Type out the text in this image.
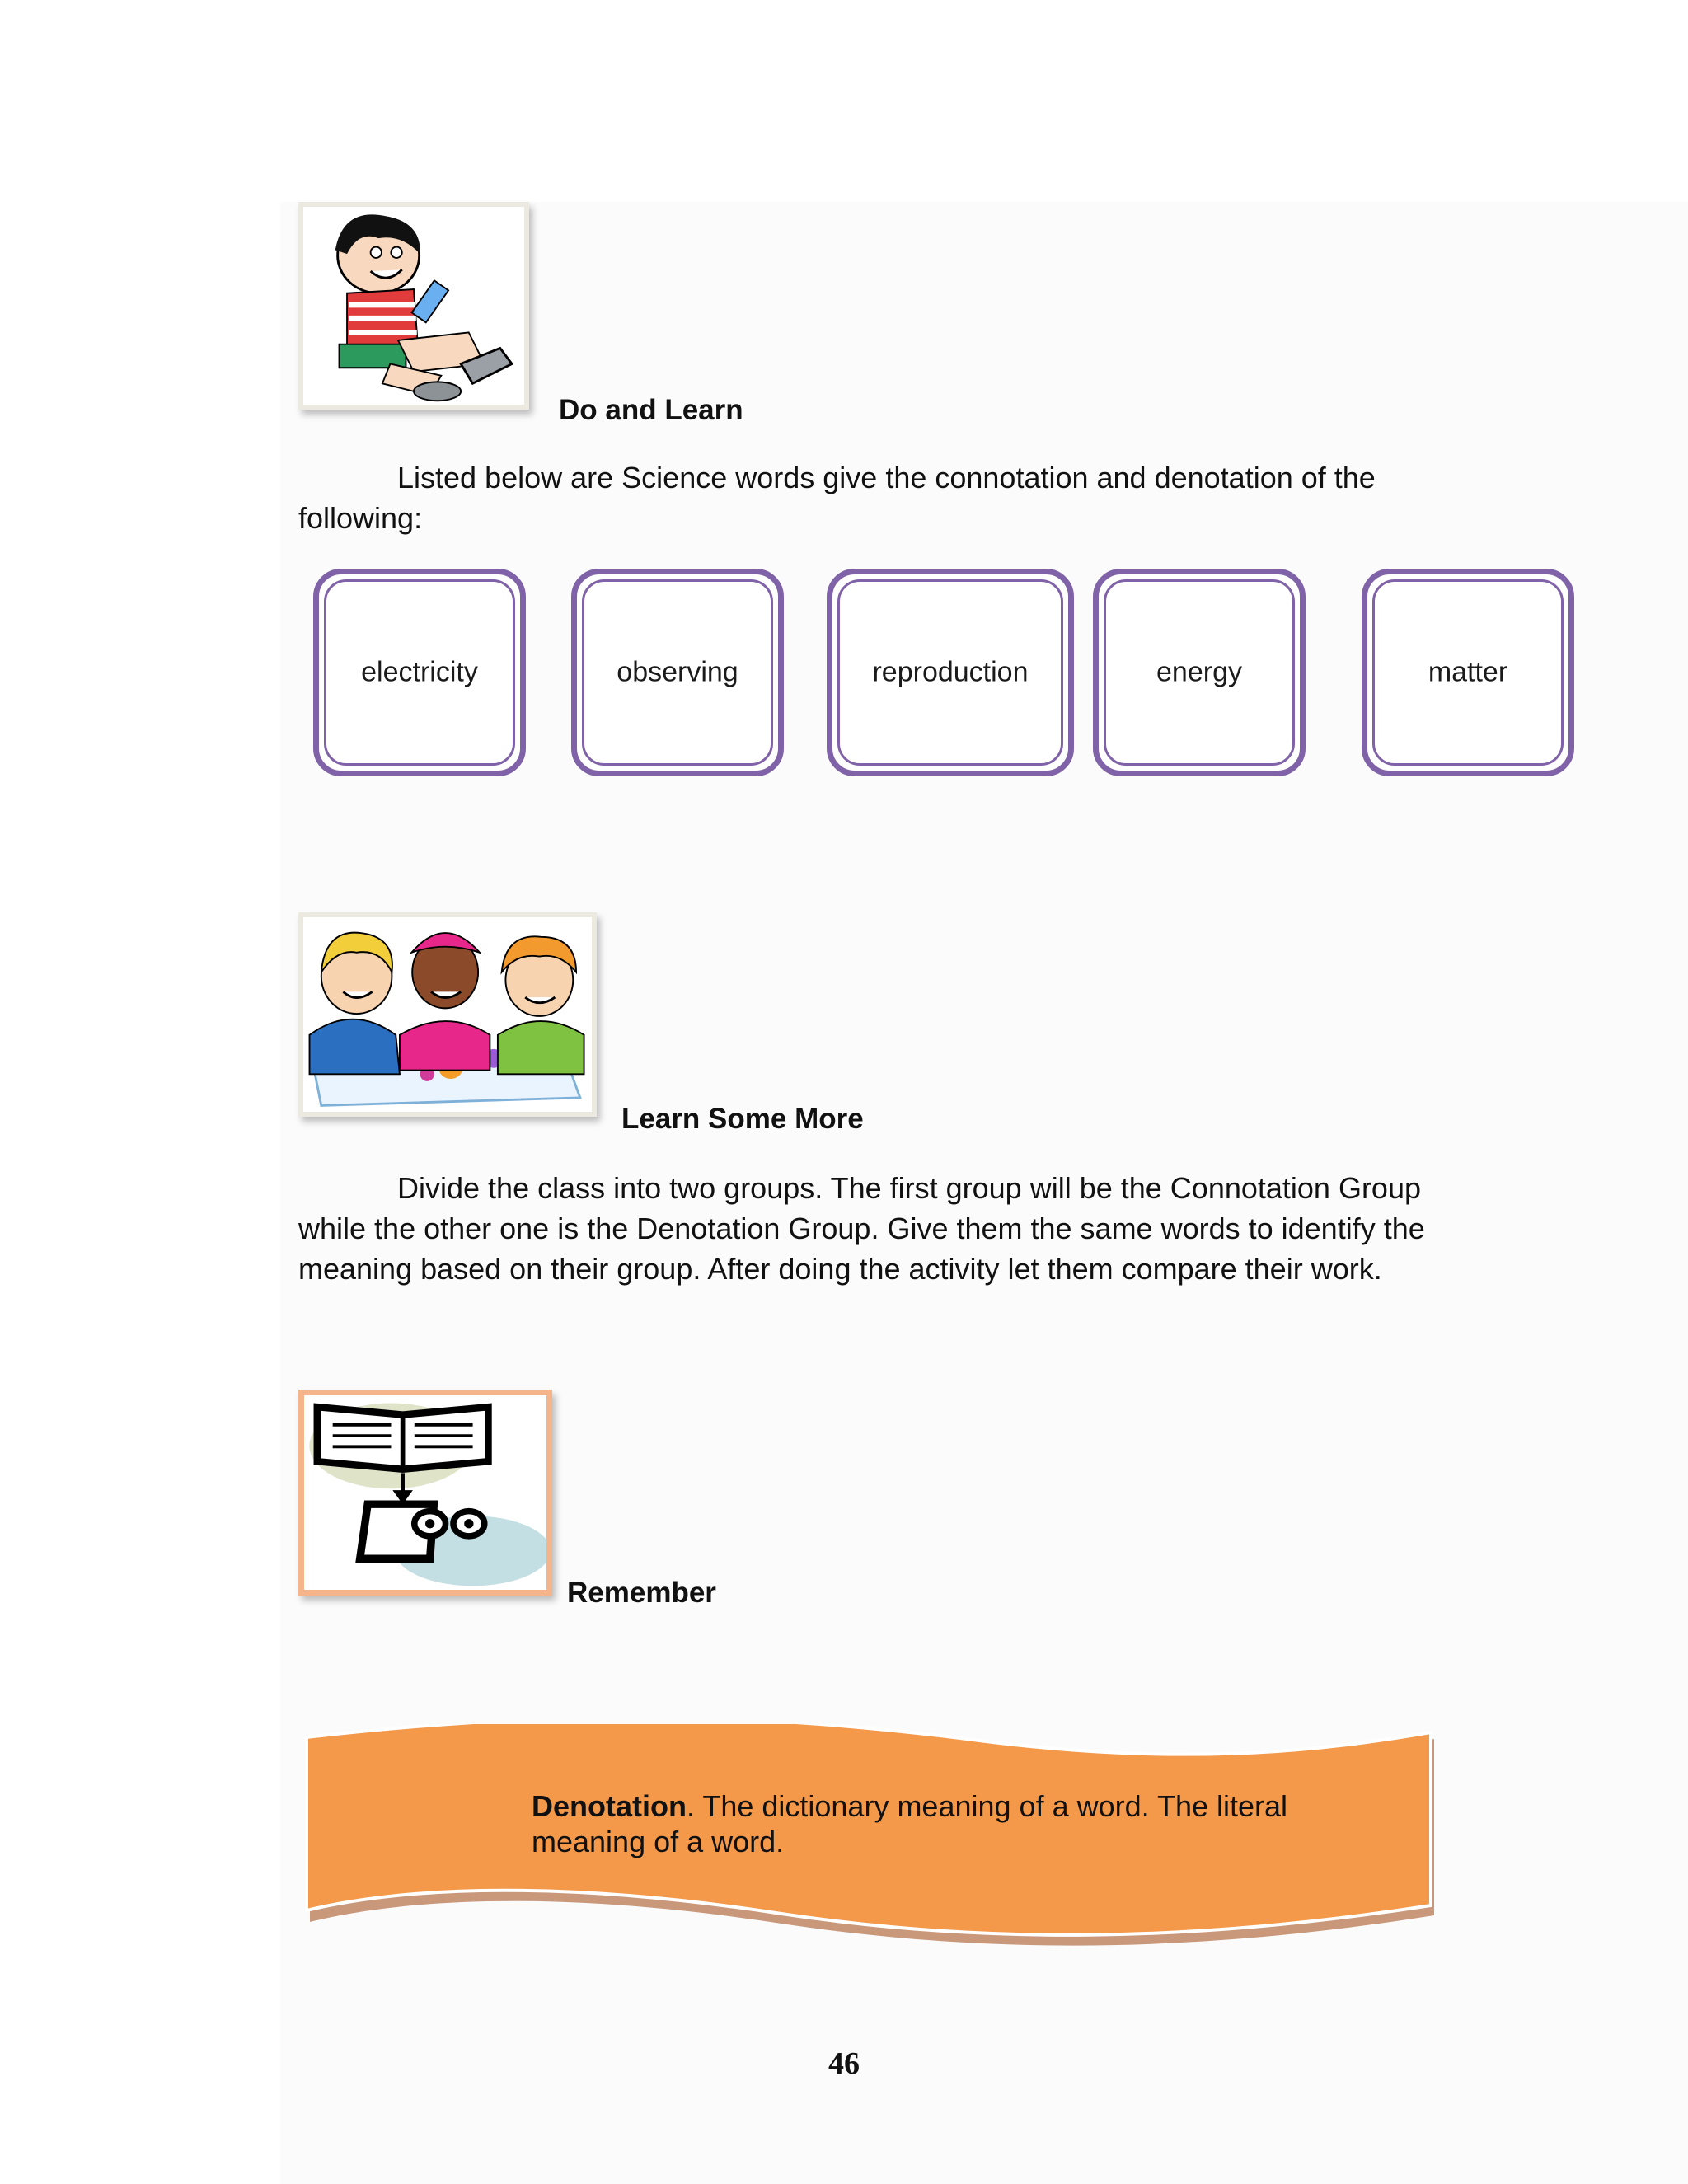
Do and Learn

Listed below are Science words give the connotation and denotation of the following:

electricity	observing	reproduction	energy	matter
Learn Some More

Divide the class into two groups. The first group will be the Connotation Group while the other one is the Denotation Group. Give them the same words to identify the meaning based on their group. After doing the activity let them compare their work.

Remember
Denotation. The dictionary meaning of a word. The literal meaning of a word.
46
